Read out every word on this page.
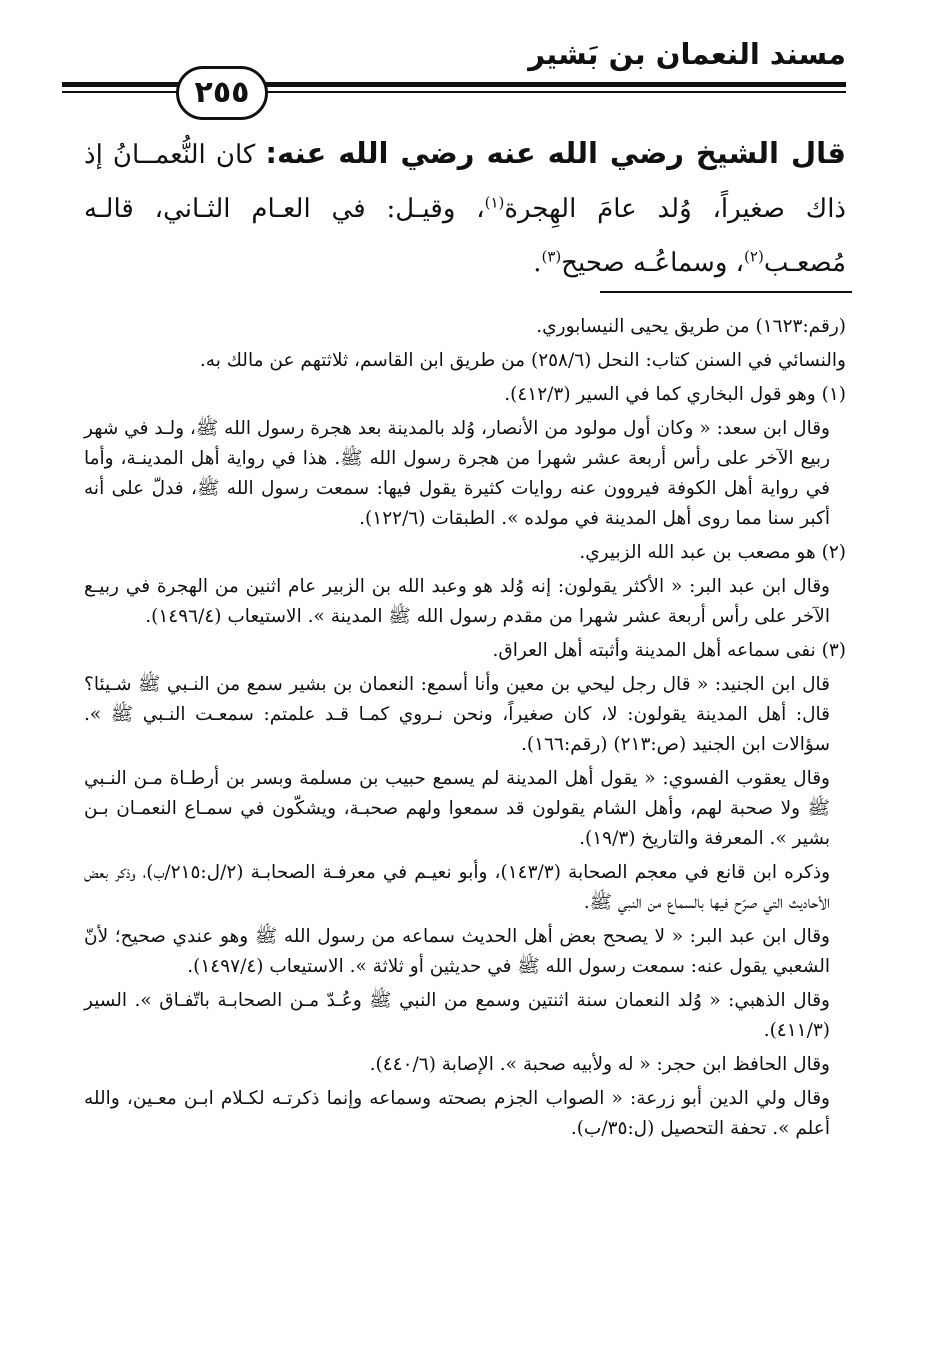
مسند النعمان بن بَشير
٢٥٥
قال الشيخ رضي الله عنه رضي الله عنه: كان النُّعمــانُ إذ ذاك صغيراً، وُلد عامَ الهِجرة$^{(١)}$، وقيـل: في العـام الثـاني، قالـه مُصعـب$^{(٢)}$، وسماعُـه صحيح$^{(٣)}$.

(رقم:١٦٢٣) من طريق يحيى النيسابوري.

والنسائي في السنن كتاب: النحل (٢٥٨/٦) من طريق ابن القاسم، ثلاثتهم عن مالك به.

(١) وهو قول البخاري كما في السير (٤١٢/٣).

وقال ابن سعد: « وكان أول مولود من الأنصار، وُلد بالمدينة بعد هجرة رسول الله ﷺ، ولـد في شهر ربيع الآخر على رأس أربعة عشر شهرا من هجرة رسول الله ﷺ. هذا في رواية أهل المدينـة، وأما في رواية أهل الكوفة فيروون عنه روايات كثيرة يقول فيها: سمعت رسول الله ﷺ، فدلّ على أنه أكبر سنا مما روى أهل المدينة في مولده ». الطبقات (١٢٢/٦).

(٢) هو مصعب بن عبد الله الزبيري.

وقال ابن عبد البر: « الأكثر يقولون: إنه وُلد هو وعبد الله بن الزبير عام اثنين من الهجرة في ربيـع الآخر على رأس أربعة عشر شهرا من مقدم رسول الله ﷺ المدينة ». الاستيعاب (١٤٩٦/٤).

(٣) نفى سماعه أهل المدينة وأثبته أهل العراق.

قال ابن الجنيد: « قال رجل ليحي بن معين وأنا أسمع: النعمان بن بشير سمع من النـبي ﷺ شـيئا؟ قال: أهل المدينة يقولون: لا، كان صغيراً، ونحن نـروي كمـا قـد علمتم: سمعـت النـبي ﷺ ». سؤالات ابن الجنيد (ص:٢١٣) (رقم:١٦٦).

وقال يعقوب الفسوي: « يقول أهل المدينة لم يسمع حبيب بن مسلمة وبسر بن أرطـاة مـن النـبي ﷺ ولا صحبة لهم، وأهل الشام يقولون قد سمعوا ولهم صحبـة، ويشكّون في سمـاع النعمـان بـن بشير ». المعرفة والتاريخ (١٩/٣).

وذكره ابن قانع في معجم الصحابة (١٤٣/٣)، وأبو نعيـم في معرفـة الصحابـة (٢/ل:٢١٥/ب)، وذكر بعض الأحاديث التي صرّح فيها بالسماع من النبي ﷺ.

وقال ابن عبد البر: « لا يصحح بعض أهل الحديث سماعه من رسول الله ﷺ وهو عندي صحيح؛ لأنّ الشعبي يقول عنه: سمعت رسول الله ﷺ في حديثين أو ثلاثة ». الاستيعاب (١٤٩٧/٤).

وقال الذهبي: « وُلد النعمان سنة اثنتين وسمع من النبي ﷺ وعُـدّ مـن الصحابـة باتّفـاق ». السير (٤١١/٣).

وقال الحافظ ابن حجر: « له ولأبيه صحبة ». الإصابة (٤٤٠/٦).

وقال ولي الدين أبو زرعة: « الصواب الجزم بصحته وسماعه وإنما ذكرتـه لكـلام ابـن معـين، والله أعلم ». تحفة التحصيل (ل:٣٥/ب).
